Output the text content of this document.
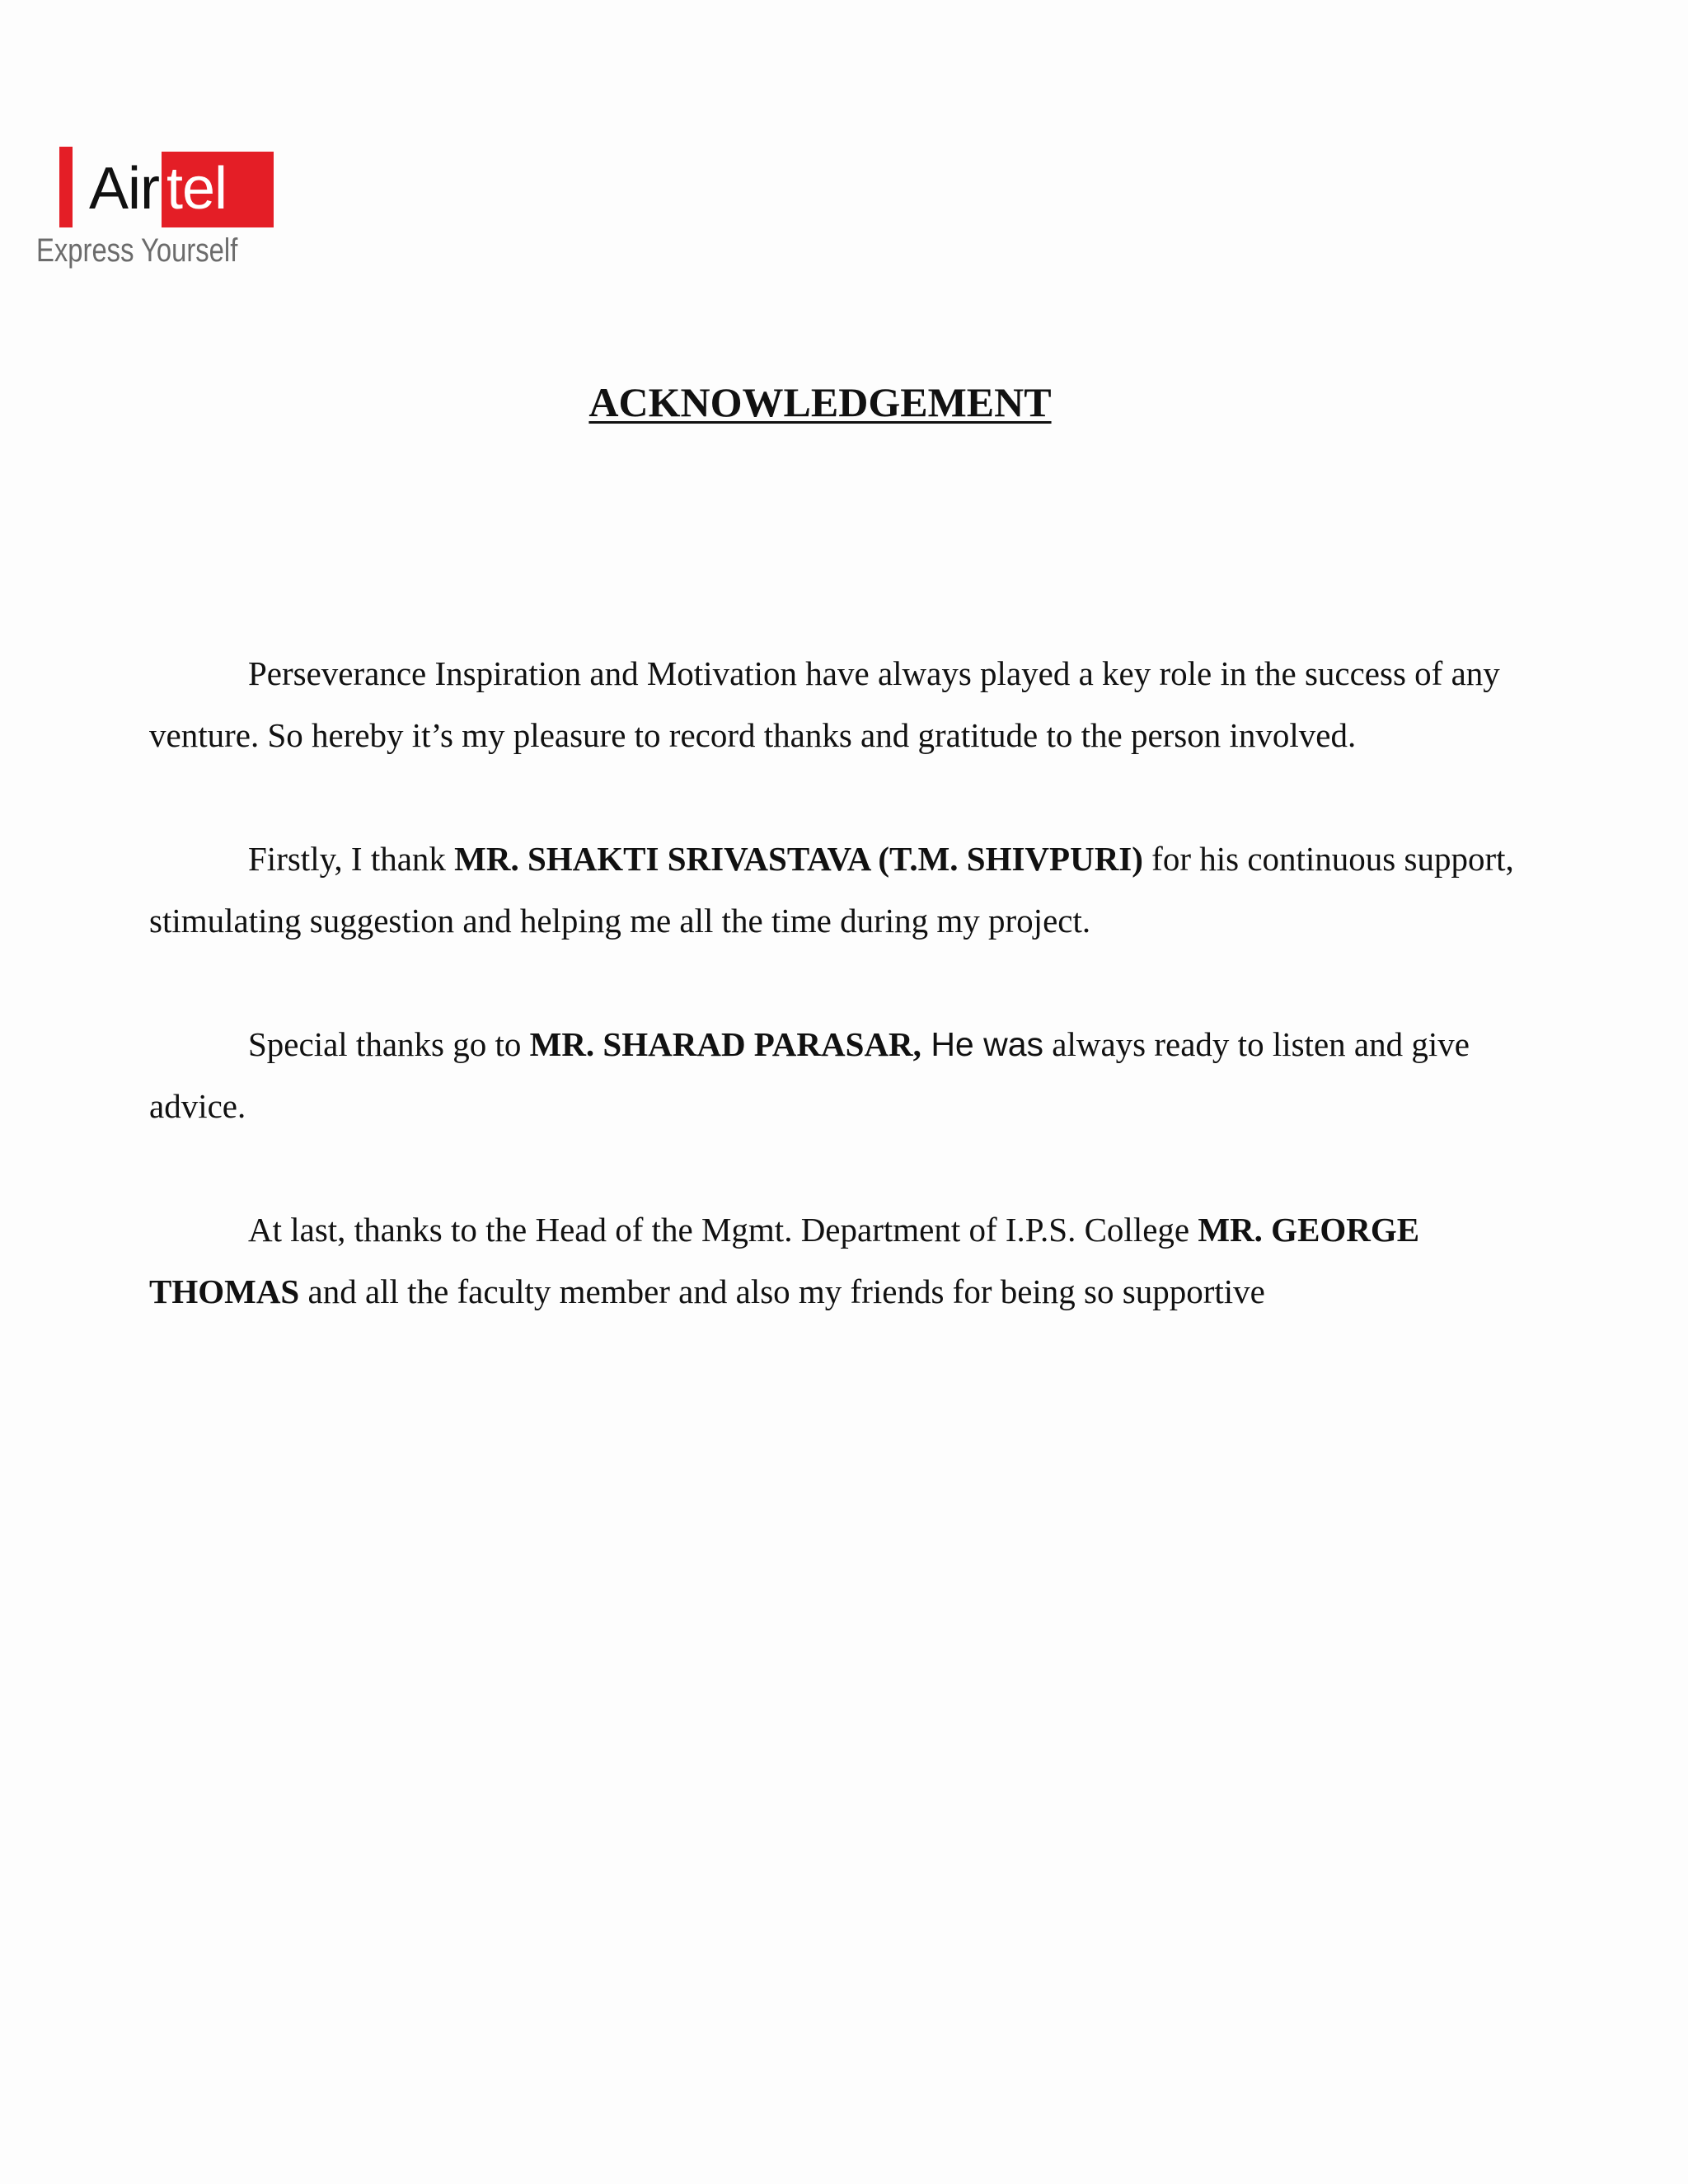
Air tel
Express Yourself
ACKNOWLEDGEMENT

Perseverance Inspiration and Motivation have always played a key role in the success of any venture. So hereby it’s my pleasure to record thanks and gratitude to the person involved.

Firstly, I thank MR. SHAKTI SRIVASTAVA (T.M. SHIVPURI) for his continuous support, stimulating suggestion and helping me all the time during my project.

Special thanks go to MR. SHARAD PARASAR, He was always ready to listen and give advice.

At last, thanks to the Head of the Mgmt. Department of I.P.S. College MR. GEORGE THOMAS and all the faculty member and also my friends for being so supportive
